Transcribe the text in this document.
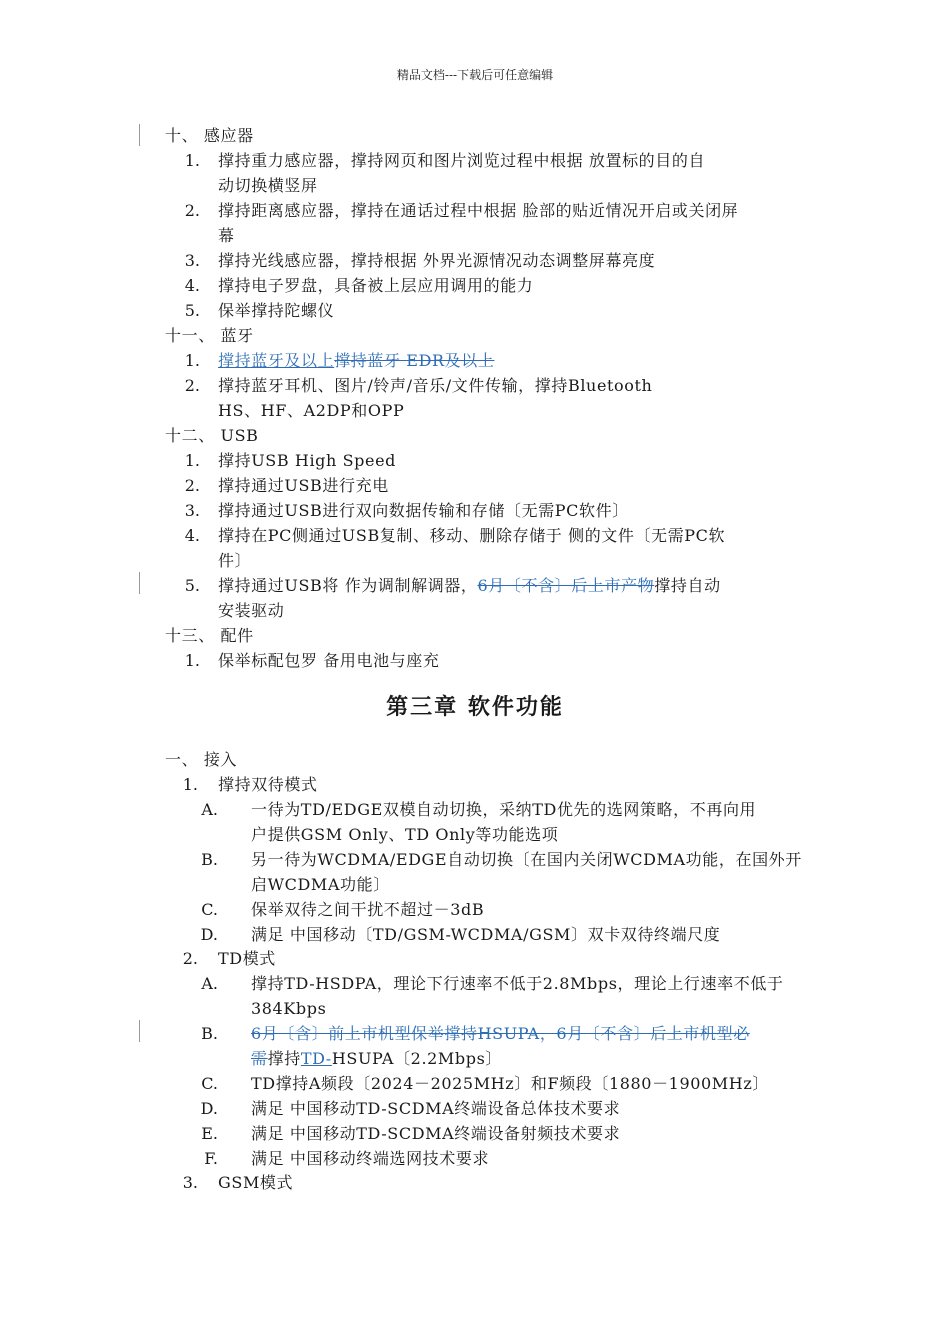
精品文档---下载后可任意编辑
十、 感应器
1. 撑持重力感应器，撑持网页和图片浏览过程中根据 放置标的目的自
动切换横竖屏
2. 撑持距离感应器，撑持在通话过程中根据 脸部的贴近情况开启或关闭屏
幕
3. 撑持光线感应器，撑持根据 外界光源情况动态调整屏幕亮度
4. 撑持电子罗盘，具备被上层应用调用的能力
5. 保举撑持陀螺仪
十一、 蓝牙
1. 撑持蓝牙及以上撑持蓝牙 EDR及以上
2. 撑持蓝牙耳机、图片/铃声/音乐/文件传输，撑持Bluetooth
HS、HF、A2DP和OPP
十二、 USB
1. 撑持USB High Speed
2. 撑持通过USB进行充电
3. 撑持通过USB进行双向数据传输和存储〔无需PC软件〕
4. 撑持在PC侧通过USB复制、移动、删除存储于 侧的文件〔无需PC软
件〕
5. 撑持通过USB将 作为调制解调器，6月〔不含〕后上市产物撑持自动
安装驱动
十三、 配件
1. 保举标配包罗 备用电池与座充
第三章 软件功能
一、 接入
1. 撑持双待模式
A. 一待为TD/EDGE双模自动切换，采纳TD优先的选网策略，不再向用
户提供GSM Only、TD Only等功能选项
B. 另一待为WCDMA/EDGE自动切换〔在国内关闭WCDMA功能，在国外开
启WCDMA功能〕
C. 保举双待之间干扰不超过－3dB
D. 满足 中国移动〔TD/GSM-WCDMA/GSM〕双卡双待终端尺度
2. TD模式
A. 撑持TD-HSDPA，理论下行速率不低于2.8Mbps，理论上行速率不低于
384Kbps
B. 6月〔含〕前上市机型保举撑持HSUPA，6月〔不含〕后上市机型必
需撑持TD-HSUPA〔2.2Mbps〕
C. TD撑持A频段〔2024－2025MHz〕和F频段〔1880－1900MHz〕
D. 满足 中国移动TD-SCDMA终端设备总体技术要求
E. 满足 中国移动TD-SCDMA终端设备射频技术要求
F. 满足 中国移动终端选网技术要求
3. GSM模式
